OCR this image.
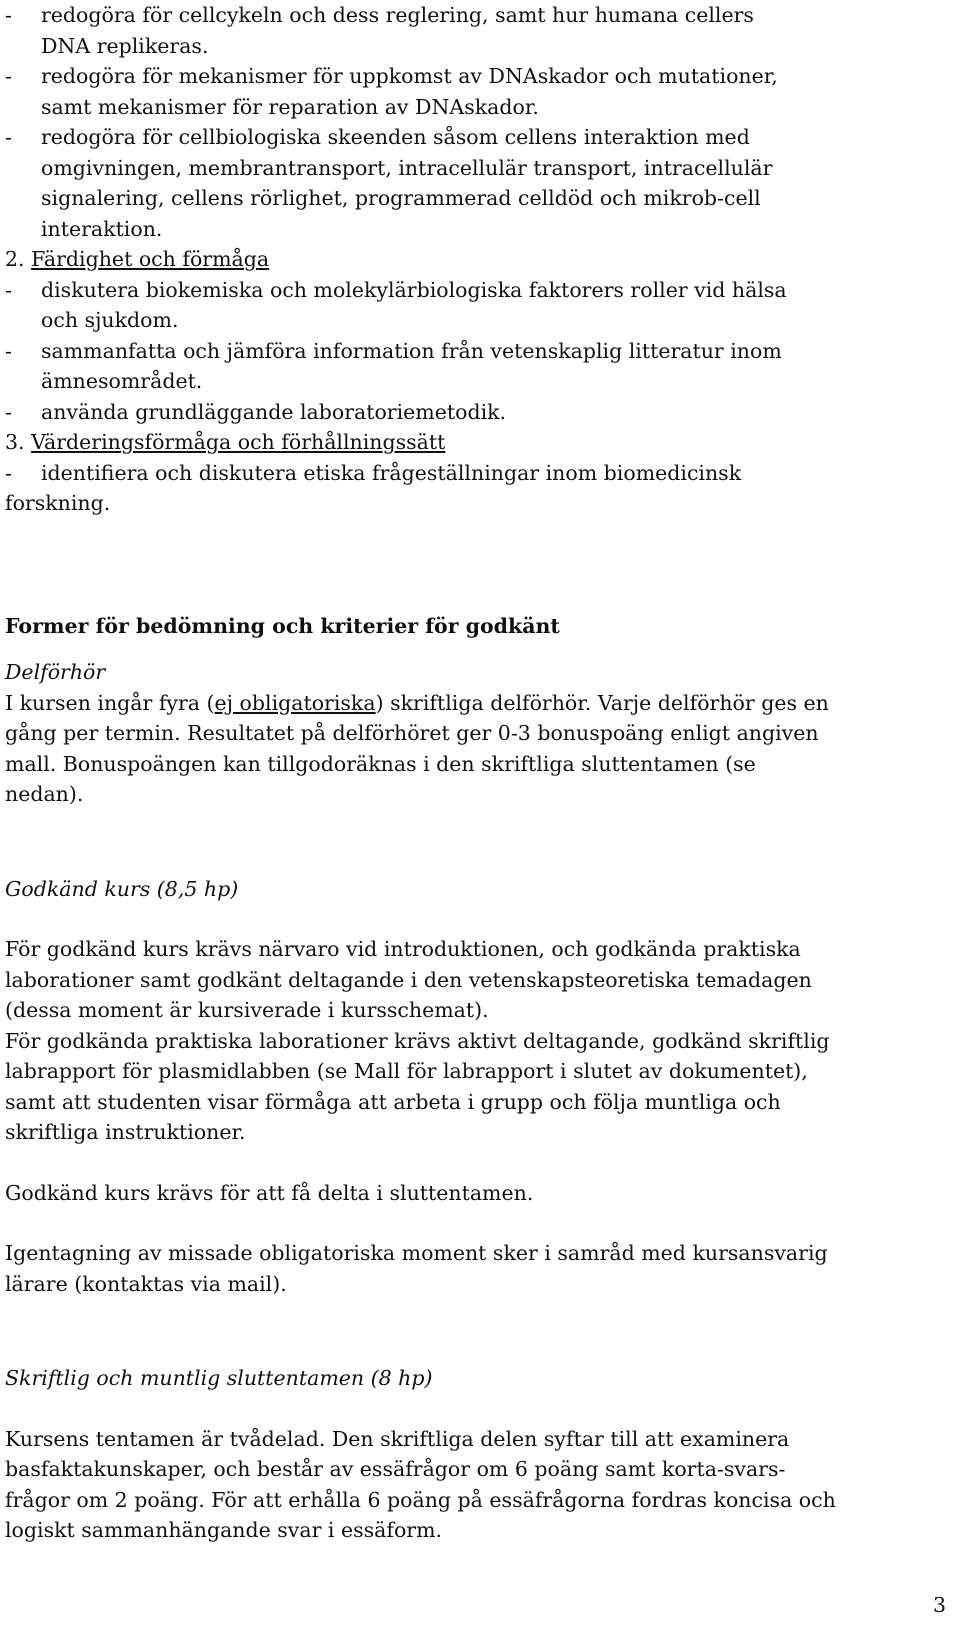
-	redogöra för cellcykeln och dess reglering, samt hur humana cellers
DNA replikeras.
-	redogöra för mekanismer för uppkomst av DNAskador och mutationer,
samt mekanismer för reparation av DNAskador.
-	redogöra för cellbiologiska skeenden såsom cellens interaktion med
omgivningen, membrantransport, intracellulär transport, intracellulär
signalering, cellens rörlighet, programmerad celldöd och mikrob-cell
interaktion.
2. Färdighet och förmåga
-	diskutera biokemiska och molekylärbiologiska faktorers roller vid hälsa
och sjukdom.
-	sammanfatta och jämföra information från vetenskaplig litteratur inom
ämnesområdet.
-	använda grundläggande laboratoriemetodik.
3. Värderingsförmåga och förhållningssätt
-	identifiera och diskutera etiska frågeställningar inom biomedicinsk
forskning.
Former för bedömning och kriterier för godkänt
Delförhör
I kursen ingår fyra (ej obligatoriska) skriftliga delförhör. Varje delförhör ges en
gång per termin. Resultatet på delförhöret ger 0-3 bonuspoäng enligt angiven
mall. Bonuspoängen kan tillgodoräknas i den skriftliga sluttentamen (se
nedan).
Godkänd kurs (8,5 hp)
För godkänd kurs krävs närvaro vid introduktionen, och godkända praktiska
laborationer samt godkänt deltagande i den vetenskapsteoretiska temadagen
(dessa moment är kursiverade i kursschemat).
För godkända praktiska laborationer krävs aktivt deltagande, godkänd skriftlig
labrapport för plasmidlabben (se Mall för labrapport i slutet av dokumentet),
samt att studenten visar förmåga att arbeta i grupp och följa muntliga och
skriftliga instruktioner.
Godkänd kurs krävs för att få delta i sluttentamen.
Igentagning av missade obligatoriska moment sker i samråd med kursansvarig
lärare (kontaktas via mail).
Skriftlig och muntlig sluttentamen (8 hp)
Kursens tentamen är tvådelad. Den skriftliga delen syftar till att examinera
basfaktakunskaper, och består av essäfrågor om 6 poäng samt korta-svars-
frågor om 2 poäng. För att erhålla 6 poäng på essäfrågorna fordras koncisa och
logiskt sammanhängande svar i essäform.
3
